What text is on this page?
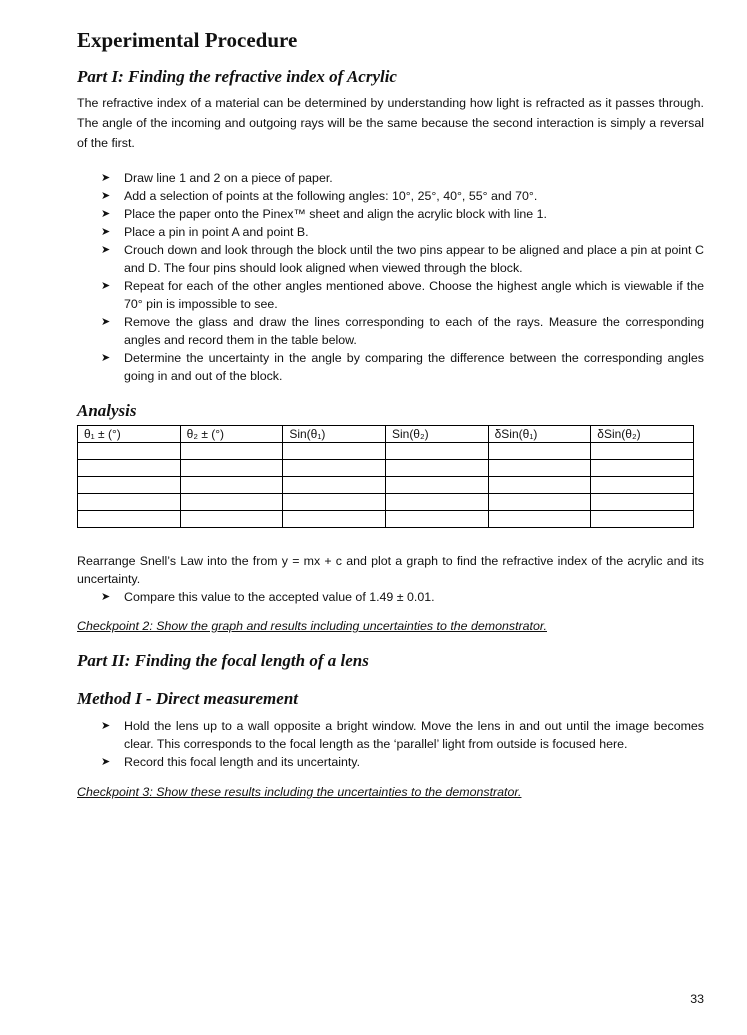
Experimental Procedure
Part I: Finding the refractive index of Acrylic

The refractive index of a material can be determined by understanding how light is refracted as it passes through. The angle of the incoming and outgoing rays will be the same because the second interaction is simply a reversal of the first.

➤ Draw line 1 and 2 on a piece of paper.
➤ Add a selection of points at the following angles: 10°, 25°, 40°, 55° and 70°.
➤ Place the paper onto the Pinex™ sheet and align the acrylic block with line 1.
➤ Place a pin in point A and point B.
➤ Crouch down and look through the block until the two pins appear to be aligned and place a pin at point C and D. The four pins should look aligned when viewed through the block.
➤ Repeat for each of the other angles mentioned above. Choose the highest angle which is viewable if the 70° pin is impossible to see.
➤ Remove the glass and draw the lines corresponding to each of the rays. Measure the corresponding angles and record them in the table below.
➤ Determine the uncertainty in the angle by comparing the difference between the corresponding angles going in and out of the block.
Analysis
θ₁ ± (°)	θ₂ ± (°)	Sin(θ₁)	Sin(θ₂)	δSin(θ₁)	δSin(θ₂)

Rearrange Snell’s Law into the from y = mx + c and plot a graph to find the refractive index of the acrylic and its uncertainty.

➤ Compare this value to the accepted value of 1.49 ± 0.01.
Checkpoint 2: Show the graph and results including uncertainties to the demonstrator.
Part II: Finding the focal length of a lens
Method I - Direct measurement
➤ Hold the lens up to a wall opposite a bright window. Move the lens in and out until the image becomes clear. This corresponds to the focal length as the ‘parallel’ light from outside is focused here.
➤ Record this focal length and its uncertainty.
Checkpoint 3: Show these results including the uncertainties to the demonstrator.
33
